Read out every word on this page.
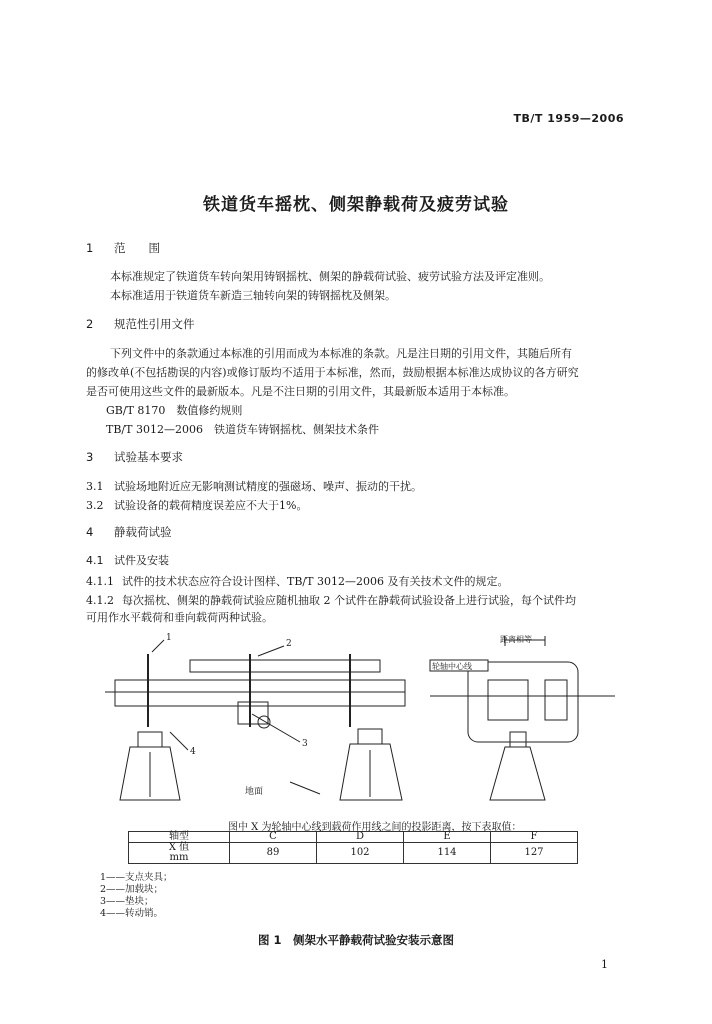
TB/T 1959—2006
铁道货车摇枕、侧架静载荷及疲劳试验
1 范　　围
本标准规定了铁道货车转向架用铸钢摇枕、侧架的静载荷试验、疲劳试验方法及评定准则。
本标准适用于铁道货车新造三轴转向架的铸钢摇枕及侧架。
2 规范性引用文件
下列文件中的条款通过本标准的引用而成为本标准的条款。凡是注日期的引用文件，其随后所有
的修改单(不包括勘误的内容)或修订版均不适用于本标准，然而，鼓励根据本标准达成协议的各方研究
是否可使用这些文件的最新版本。凡是不注日期的引用文件，其最新版本适用于本标准。
GB/T 8170　数值修约规则
TB/T 3012—2006　铁道货车铸钢摇枕、侧架技术条件
3 试验基本要求
3.1 试验场地附近应无影响测试精度的强磁场、噪声、振动的干扰。
3.2 试验设备的载荷精度误差应不大于1%。
4 静载荷试验
4.1 试件及安装
4.1.1 试件的技术状态应符合设计图样、TB/T 3012—2006 及有关技术文件的规定。
4.1.2 每次摇枕、侧架的静载荷试验应随机抽取 2 个试件在静载荷试验设备上进行试验，每个试件均
可用作水平载荷和垂向载荷两种试验。
1
2
3
4
地面
轮轴中心线
距离相等
图中 X 为轮轴中心线到载荷作用线之间的投影距离，按下表取值：
轴型	C	D	E	F
X 值	89	102	114	127
mm				
1——支点夹具；
2——加载块；
3——垫块；
4——转动销。
图 1　侧架水平静载荷试验安装示意图
1
